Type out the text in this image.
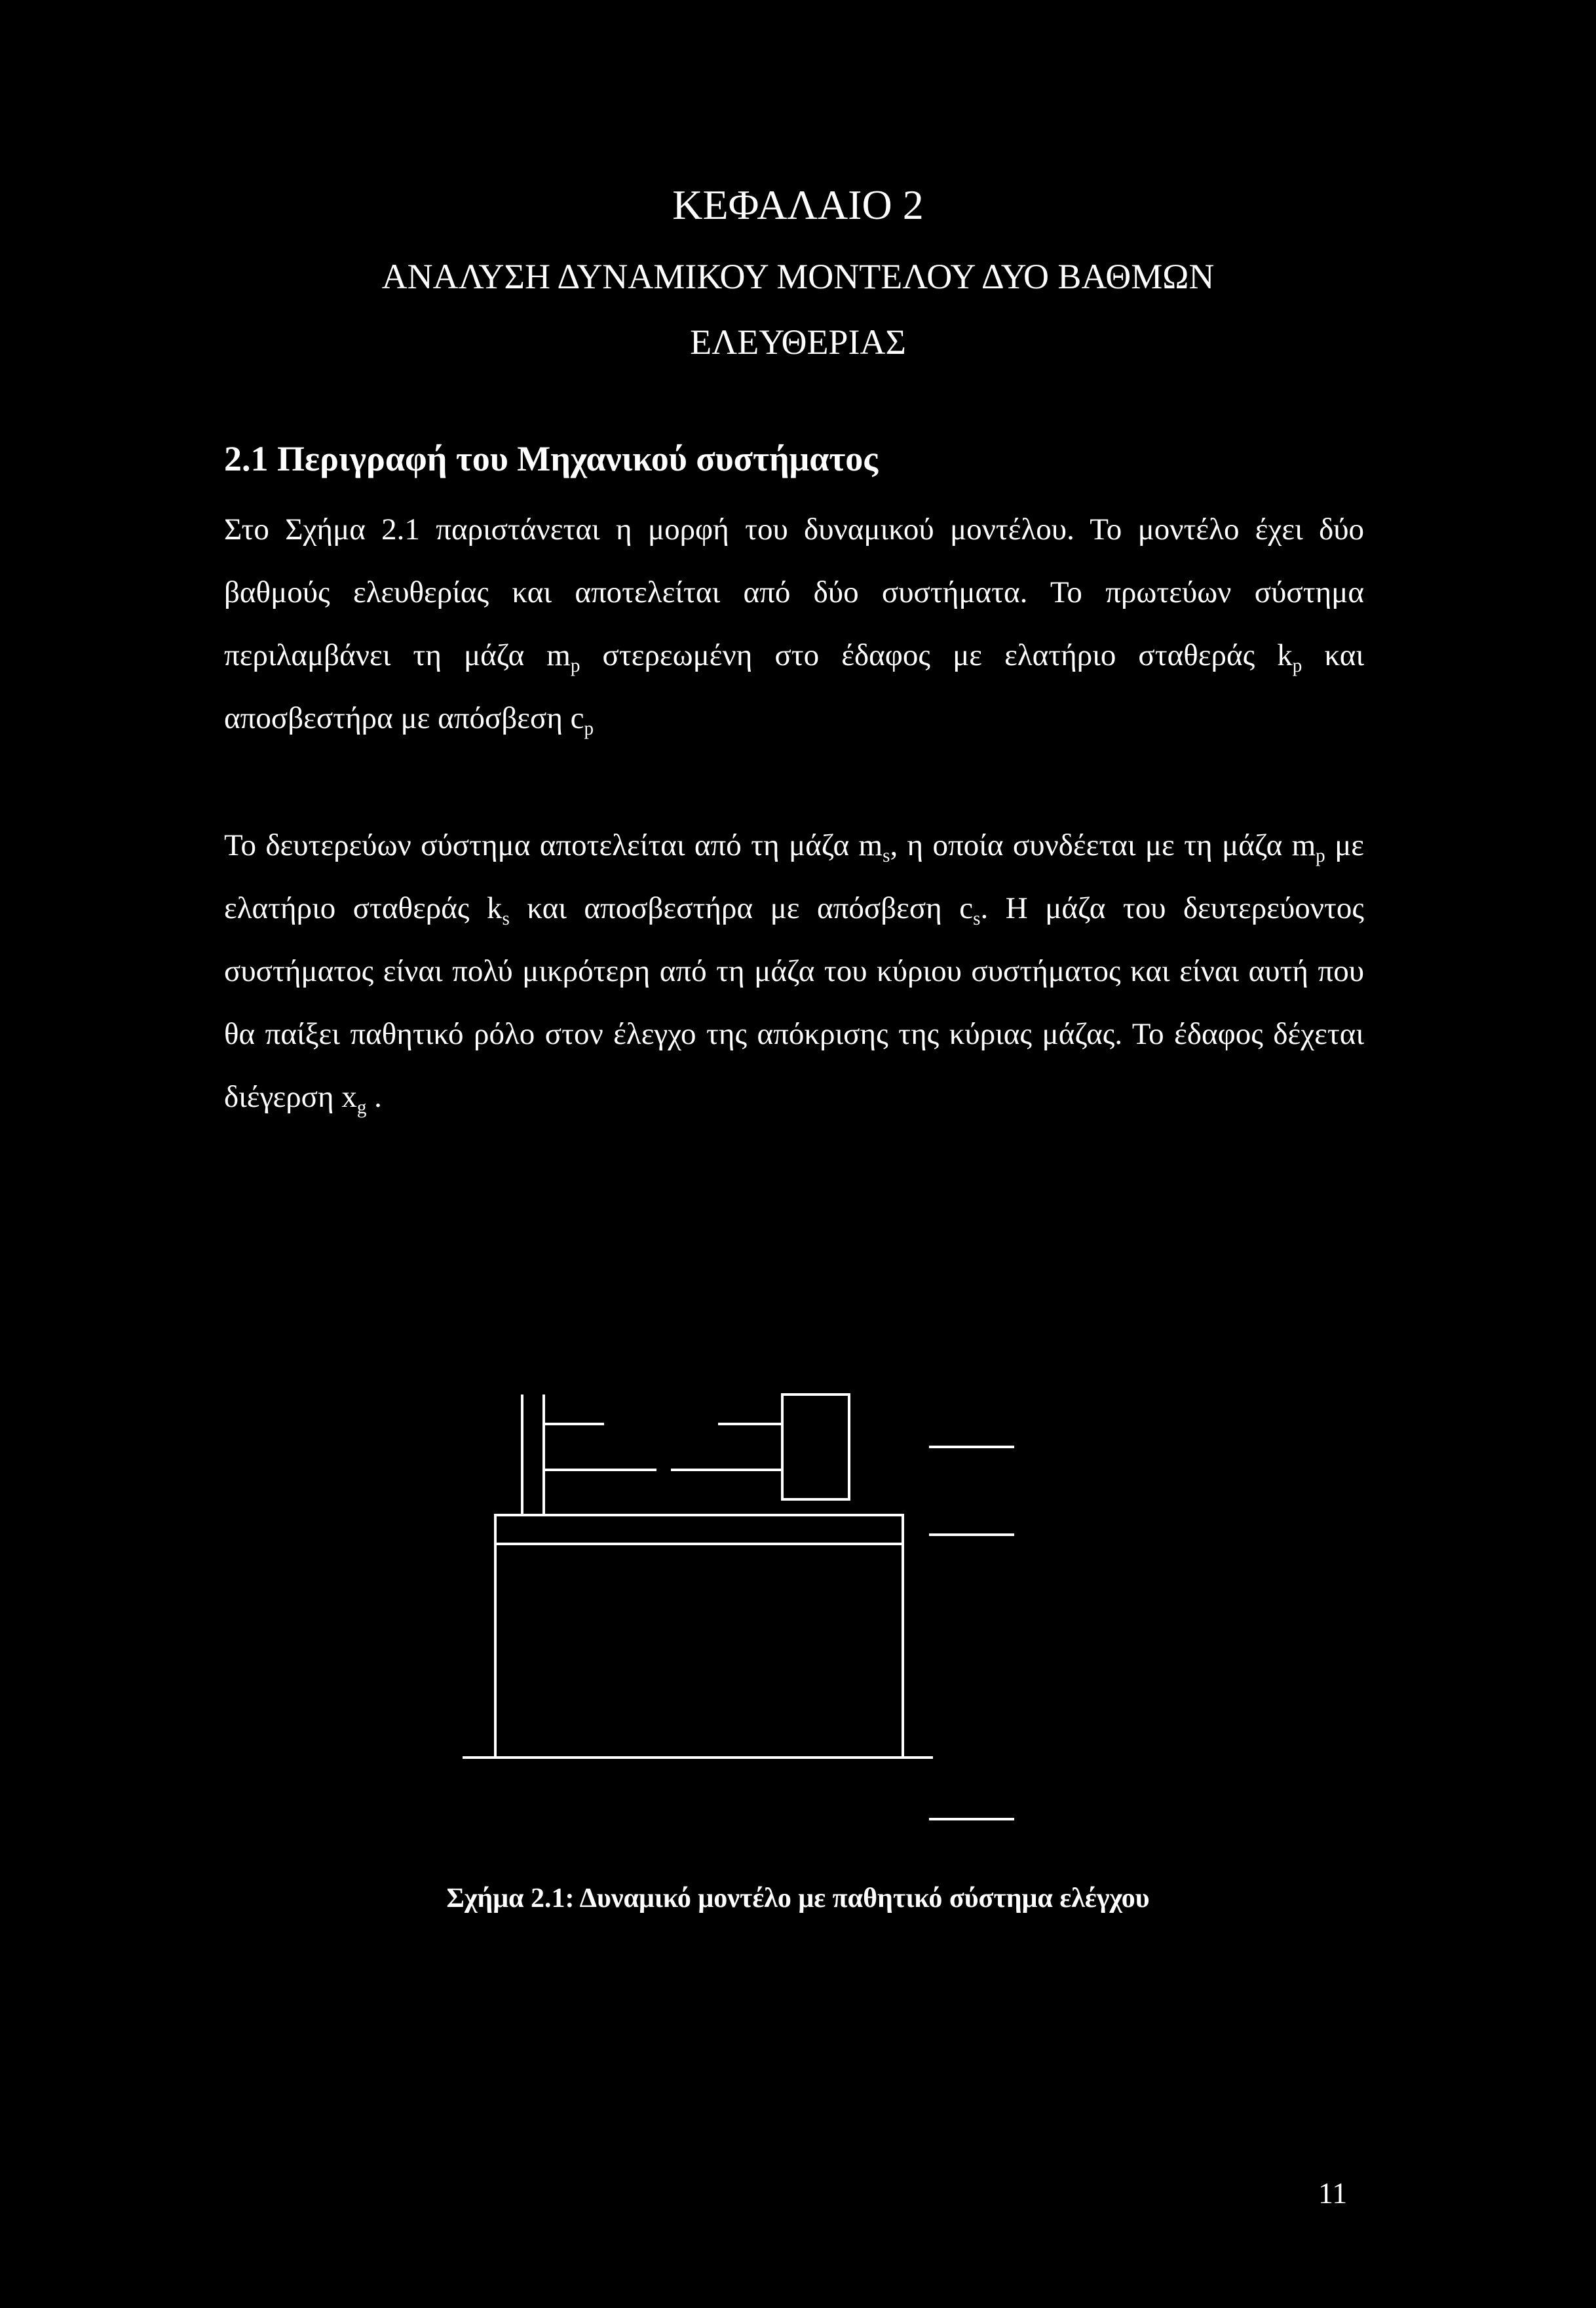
ΚΕΦΑΛΑΙΟ 2
ΑΝΑΛΥΣΗ ΔΥΝΑΜΙΚΟΥ ΜΟΝΤΕΛΟΥ ΔΥΟ ΒΑΘΜΩΝ
ΕΛΕΥΘΕΡΙΑΣ
2.1 Περιγραφή του Μηχανικού συστήματος

Στο Σχήμα 2.1 παριστάνεται η μορφή του δυναμικού μοντέλου. Το μοντέλο έχει δύο βαθμούς ελευθερίας και αποτελείται από δύο συστήματα. Το πρωτεύων σύστημα περιλαμβάνει τη μάζα $m_p$ στερεωμένη στο έδαφος με ελατήριο σταθεράς $k_p$ και αποσβεστήρα με απόσβεση $c_p$

Το δευτερεύων σύστημα αποτελείται από τη μάζα $m_s$, η οποία συνδέεται με τη μάζα $m_p$ με ελατήριο σταθεράς $k_s$ και αποσβεστήρα με απόσβεση $c_s$. Η μάζα του δευτερεύοντος συστήματος είναι πολύ μικρότερη από τη μάζα του κύριου συστήματος και είναι αυτή που θα παίξει παθητικό ρόλο στον έλεγχο της απόκρισης της κύριας μάζας. Το έδαφος δέχεται διέγερση $x_g$ .

Σχήμα 2.1: Δυναμικό μοντέλο με παθητικό σύστημα ελέγχου
11
